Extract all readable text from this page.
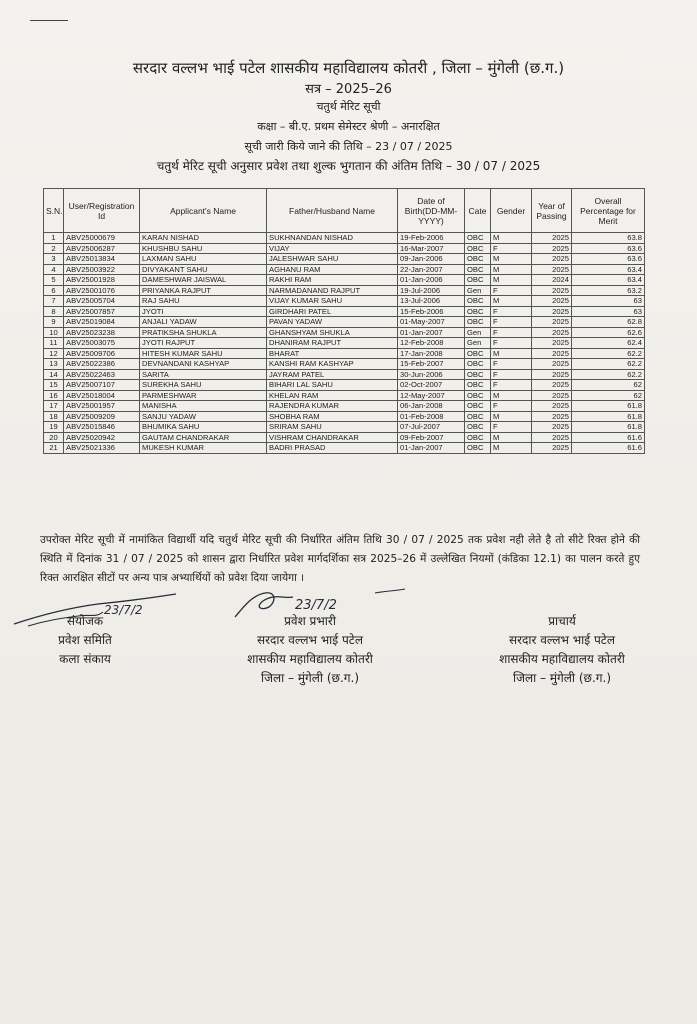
सरदार वल्लभ भाई पटेल शासकीय महाविद्यालय कोतरी , जिला – मुंगेली (छ.ग.)
सत्र – 2025–26
चतुर्थ मेरिट सूची
कक्षा – बी.ए. प्रथम सेमेस्टर श्रेणी – अनारक्षित
सूची जारी किये जाने की तिथि – 23 / 07 / 2025
चतुर्थ मेरिट सूची अनुसार प्रवेश तथा शुल्क भुगतान की अंतिम तिथि – 30 / 07 / 2025
S.N.	User/Registration Id	Applicant's Name	Father/Husband Name	Date of Birth(DD-MM-YYYY)	Cate	Gender	Year of Passing	Overall Percentage for Merit
1	ABV25000679	KARAN NISHAD	SUKHNANDAN NISHAD	19-Feb-2006	OBC	M	2025	63.8
2	ABV25006287	KHUSHBU SAHU	VIJAY	16-Mar-2007	OBC	F	2025	63.6
3	ABV25013834	LAXMAN SAHU	JALESHWAR SAHU	09-Jan-2006	OBC	M	2025	63.6
4	ABV25003922	DIVYAKANT SAHU	AGHANU RAM	22-Jan-2007	OBC	M	2025	63.4
5	ABV25001928	DAMESHWAR JAISWAL	RAKHI RAM	01-Jan-2006	OBC	M	2024	63.4
6	ABV25001076	PRIYANKA RAJPUT	NARMADANAND RAJPUT	19-Jul-2006	Gen	F	2025	63.2
7	ABV25005704	RAJ SAHU	VIJAY KUMAR SAHU	13-Jul-2006	OBC	M	2025	63
8	ABV25007857	JYOTI	GIRDHARI PATEL	15-Feb-2006	OBC	F	2025	63
9	ABV25019084	ANJALI YADAW	PAVAN YADAW	01-May-2007	OBC	F	2025	62.8
10	ABV25023238	PRATIKSHA SHUKLA	GHANSHYAM SHUKLA	01-Jan-2007	Gen	F	2025	62.6
11	ABV25003075	JYOTI RAJPUT	DHANIRAM RAJPUT	12-Feb-2008	Gen	F	2025	62.4
12	ABV25009706	HITESH KUMAR SAHU	BHARAT	17-Jan-2008	OBC	M	2025	62.2
13	ABV25022386	DEVNANDANI KASHYAP	KANSHI RAM KASHYAP	15-Feb-2007	OBC	F	2025	62.2
14	ABV25022463	SARITA	JAYRAM PATEL	30-Jun-2006	OBC	F	2025	62.2
15	ABV25007107	SUREKHA SAHU	BIHARI LAL SAHU	02-Oct-2007	OBC	F	2025	62
16	ABV25018004	PARMESHWAR	KHELAN RAM	12-May-2007	OBC	M	2025	62
17	ABV25001957	MANISHA	RAJENDRA KUMAR	06-Jan-2008	OBC	F	2025	61.8
18	ABV25009209	SANJU YADAW	SHOBHA RAM	01-Feb-2008	OBC	M	2025	61.8
19	ABV25015846	BHUMIKA SAHU	SRIRAM SAHU	07-Jul-2007	OBC	F	2025	61.8
20	ABV25020942	GAUTAM CHANDRAKAR	VISHRAM CHANDRAKAR	09-Feb-2007	OBC	M	2025	61.6
21	ABV25021336	MUKESH KUMAR	BADRI PRASAD	01-Jan-2007	OBC	M	2025	61.6
उपरोक्त मेरिट सूची में नामांकित विद्यार्थी यदि चतुर्थ मेरिट सूची की निर्धारित अंतिम तिथि 30 / 07 / 2025 तक प्रवेश नही लेते है तो सीटे रिक्त होने की स्थिति में दिनांक 31 / 07 / 2025 को शासन द्वारा निर्धारित प्रवेश मार्गदर्शिका सत्र 2025–26 में उल्लेखित नियमों (कंडिका 12.1) का पालन करते हुए रिक्त आरक्षित सीटों पर अन्य पात्र अभ्यार्थियों को प्रवेश दिया जायेगा ।
संयोजक
प्रवेश समिति
कला संकाय
प्रवेश प्रभारी
सरदार वल्लभ भाई पटेल
शासकीय महाविद्यालय कोतरी
जिला – मुंगेली (छ.ग.)
प्राचार्य
सरदार वल्लभ भाई पटेल
शासकीय महाविद्यालय कोतरी
जिला – मुंगेली (छ.ग.)
23/7/2	23/7/2
